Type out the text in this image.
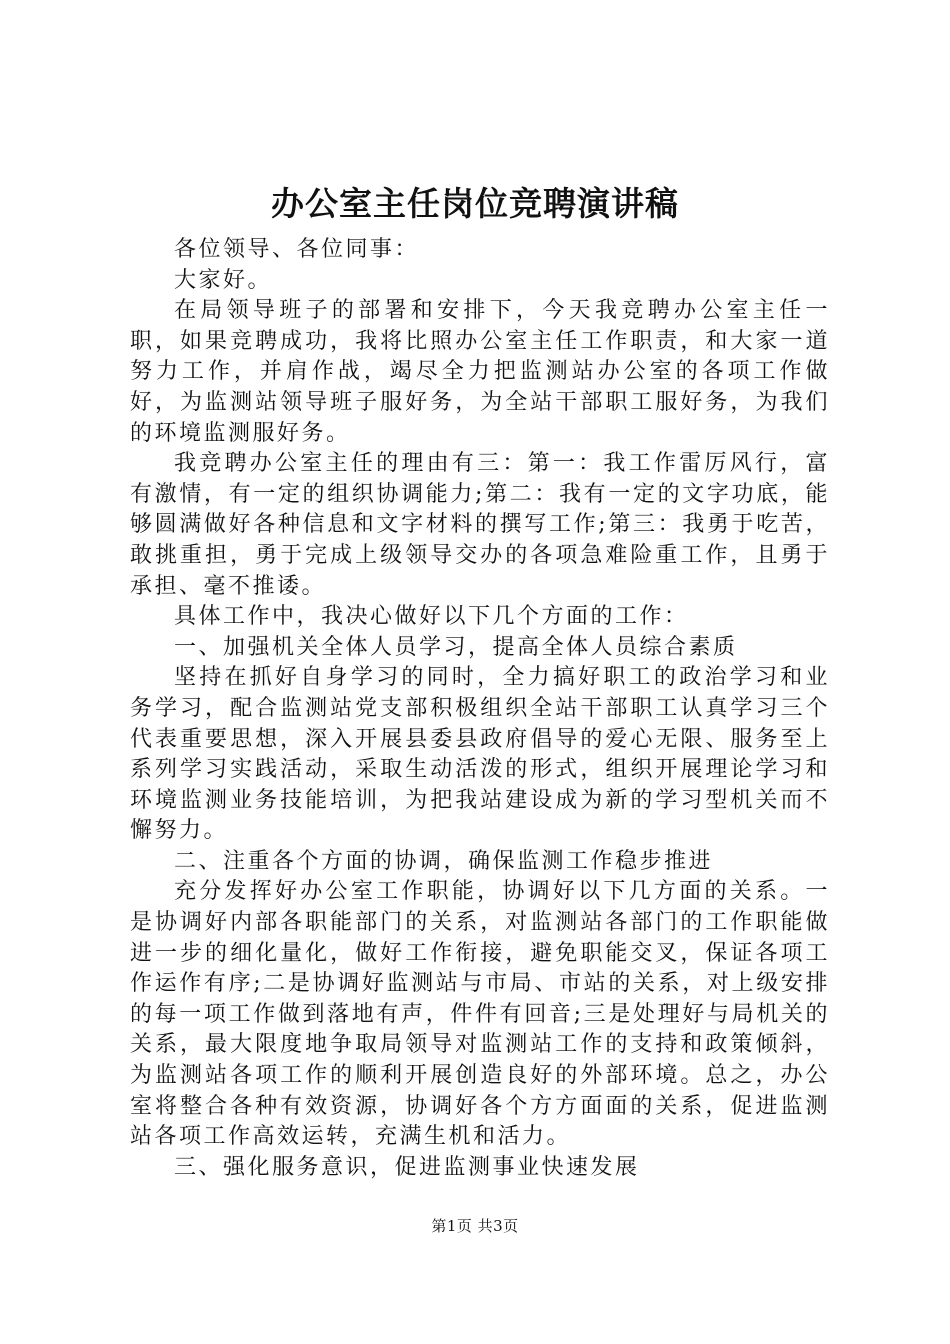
办公室主任岗位竞聘演讲稿

各位领导、各位同事：

大家好。

在局领导班子的部署和安排下，今天我竞聘办公室主任一职，如果竞聘成功，我将比照办公室主任工作职责，和大家一道努力工作，并肩作战，竭尽全力把监测站办公室的各项工作做好，为监测站领导班子服好务，为全站干部职工服好务，为我们的环境监测服好务。

我竞聘办公室主任的理由有三：第一：我工作雷厉风行，富有激情，有一定的组织协调能力;第二：我有一定的文字功底，能够圆满做好各种信息和文字材料的撰写工作;第三：我勇于吃苦，敢挑重担，勇于完成上级领导交办的各项急难险重工作，且勇于承担、毫不推诿。

具体工作中，我决心做好以下几个方面的工作：

一、加强机关全体人员学习，提高全体人员综合素质

坚持在抓好自身学习的同时，全力搞好职工的政治学习和业务学习，配合监测站党支部积极组织全站干部职工认真学习三个代表重要思想，深入开展县委县政府倡导的爱心无限、服务至上系列学习实践活动，采取生动活泼的形式，组织开展理论学习和环境监测业务技能培训，为把我站建设成为新的学习型机关而不懈努力。

二、注重各个方面的协调，确保监测工作稳步推进

充分发挥好办公室工作职能，协调好以下几方面的关系。一是协调好内部各职能部门的关系，对监测站各部门的工作职能做进一步的细化量化，做好工作衔接，避免职能交叉，保证各项工作运作有序;二是协调好监测站与市局、市站的关系，对上级安排的每一项工作做到落地有声，件件有回音;三是处理好与局机关的关系，最大限度地争取局领导对监测站工作的支持和政策倾斜，为监测站各项工作的顺利开展创造良好的外部环境。总之，办公室将整合各种有效资源，协调好各个方方面面的关系，促进监测站各项工作高效运转，充满生机和活力。

三、强化服务意识，促进监测事业快速发展

第1页 共3页
